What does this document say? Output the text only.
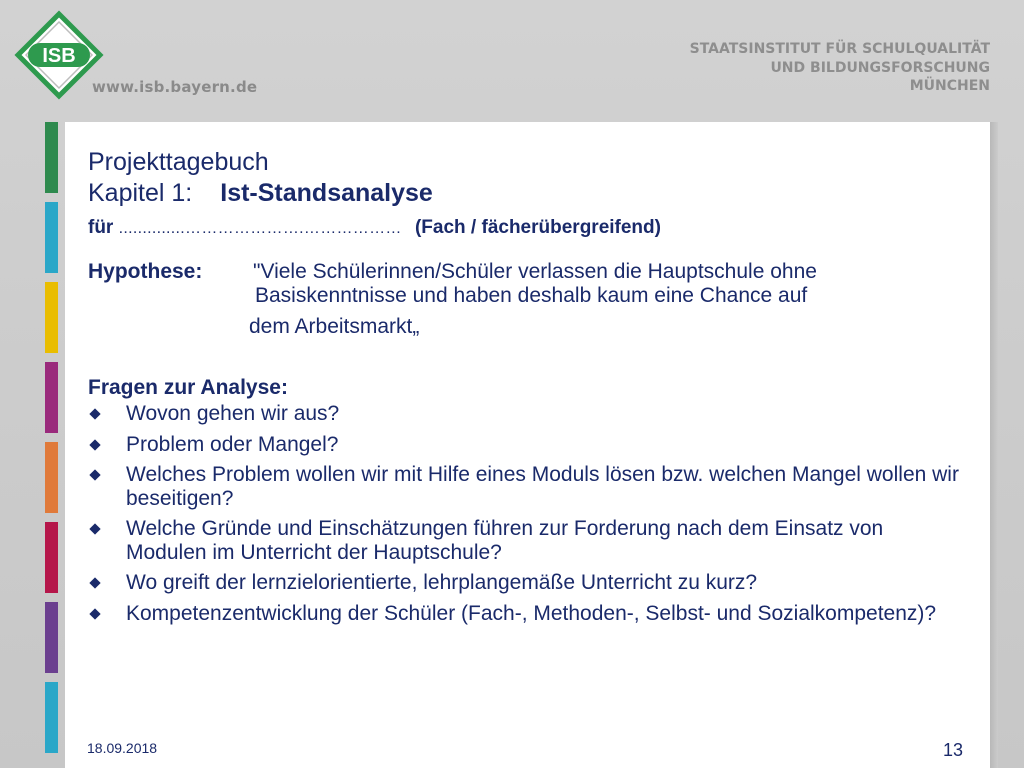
ISB
www.isb.bayern.de
STAATSINSTITUT FÜR SCHULQUALITÄT
UND BILDUNGSFORSCHUNG
MÜNCHEN
Projekttagebuch
Kapitel 1: Ist-Standsanalyse
für ..............………………….……………… (Fach / fächerübergreifend)
Hypothese: "Viele Schülerinnen/Schüler verlassen die Hauptschule ohne
Basiskenntnisse und haben deshalb kaum eine Chance auf
dem Arbeitsmarkt„
Fragen zur Analyse:
Wovon gehen wir aus?
Problem oder Mangel?
Welches Problem wollen wir mit Hilfe eines Moduls lösen bzw. welchen Mangel wollen wir beseitigen?
Welche Gründe und Einschätzungen führen zur Forderung nach dem Einsatz von Modulen im Unterricht der Hauptschule?
Wo greift der lernzielorientierte, lehrplangemäße Unterricht zu kurz?
Kompetenzentwicklung der Schüler (Fach-, Methoden-, Selbst- und Sozialkompetenz)?
18.09.2018	13
